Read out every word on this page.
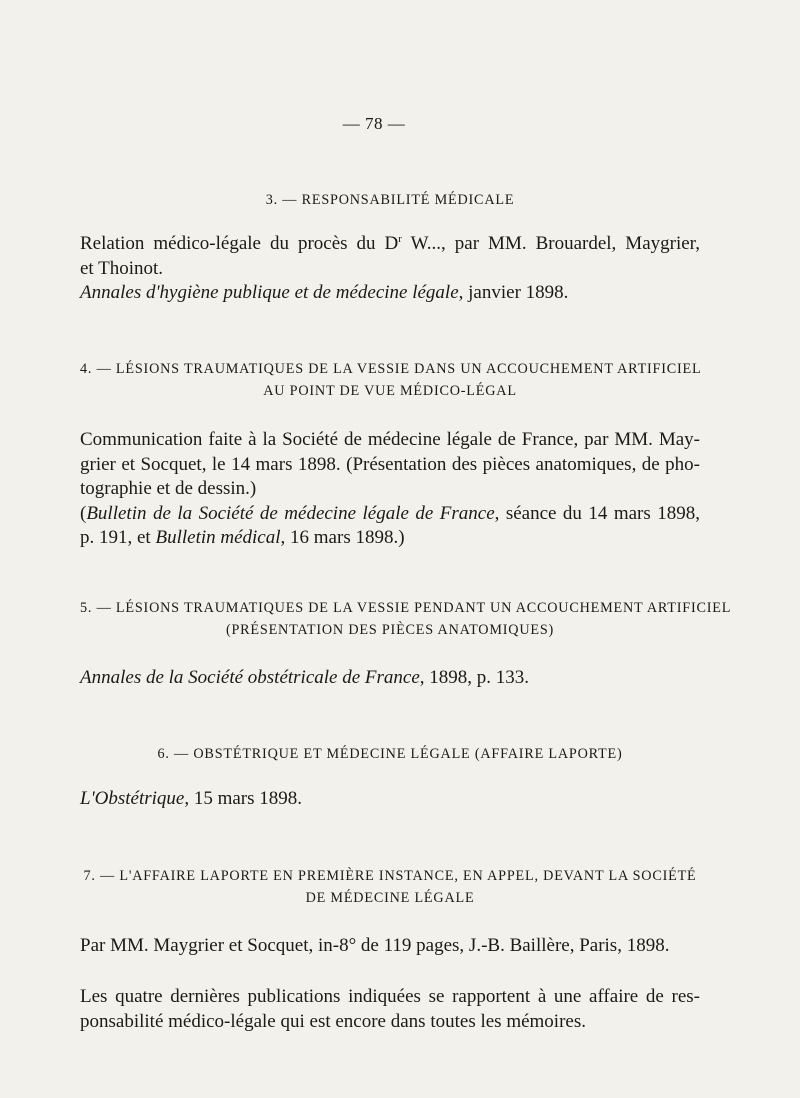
— 78 —
3. — RESPONSABILITÉ MÉDICALE
Relation médico-légale du procès du $D^r$ W..., par MM. Brouardel, Maygrier,
et Thoinot.
Annales d'hygiène publique et de médecine légale, janvier 1898.
4. — LÉSIONS TRAUMATIQUES DE LA VESSIE DANS UN ACCOUCHEMENT ARTIFICIEL
AU POINT DE VUE MÉDICO-LÉGAL
Communication faite à la Société de médecine légale de France, par MM. May-
grier et Socquet, le 14 mars 1898. (Présentation des pièces anatomiques, de pho-
tographie et de dessin.)
(Bulletin de la Société de médecine légale de France, séance du 14 mars 1898,
p. 191, et Bulletin médical, 16 mars 1898.)
5. — LÉSIONS TRAUMATIQUES DE LA VESSIE PENDANT UN ACCOUCHEMENT ARTIFICIEL
(PRÉSENTATION DES PIÈCES ANATOMIQUES)
Annales de la Société obstétricale de France, 1898, p. 133.
6. — OBSTÉTRIQUE ET MÉDECINE LÉGALE (AFFAIRE LAPORTE)
L'Obstétrique, 15 mars 1898.
7. — L'AFFAIRE LAPORTE EN PREMIÈRE INSTANCE, EN APPEL, DEVANT LA SOCIÉTÉ
DE MÉDECINE LÉGALE
Par MM. Maygrier et Socquet, in-8° de 119 pages, J.-B. Baillère, Paris, 1898.
Les quatre dernières publications indiquées se rapportent à une affaire de res-
ponsabilité médico-légale qui est encore dans toutes les mémoires.
